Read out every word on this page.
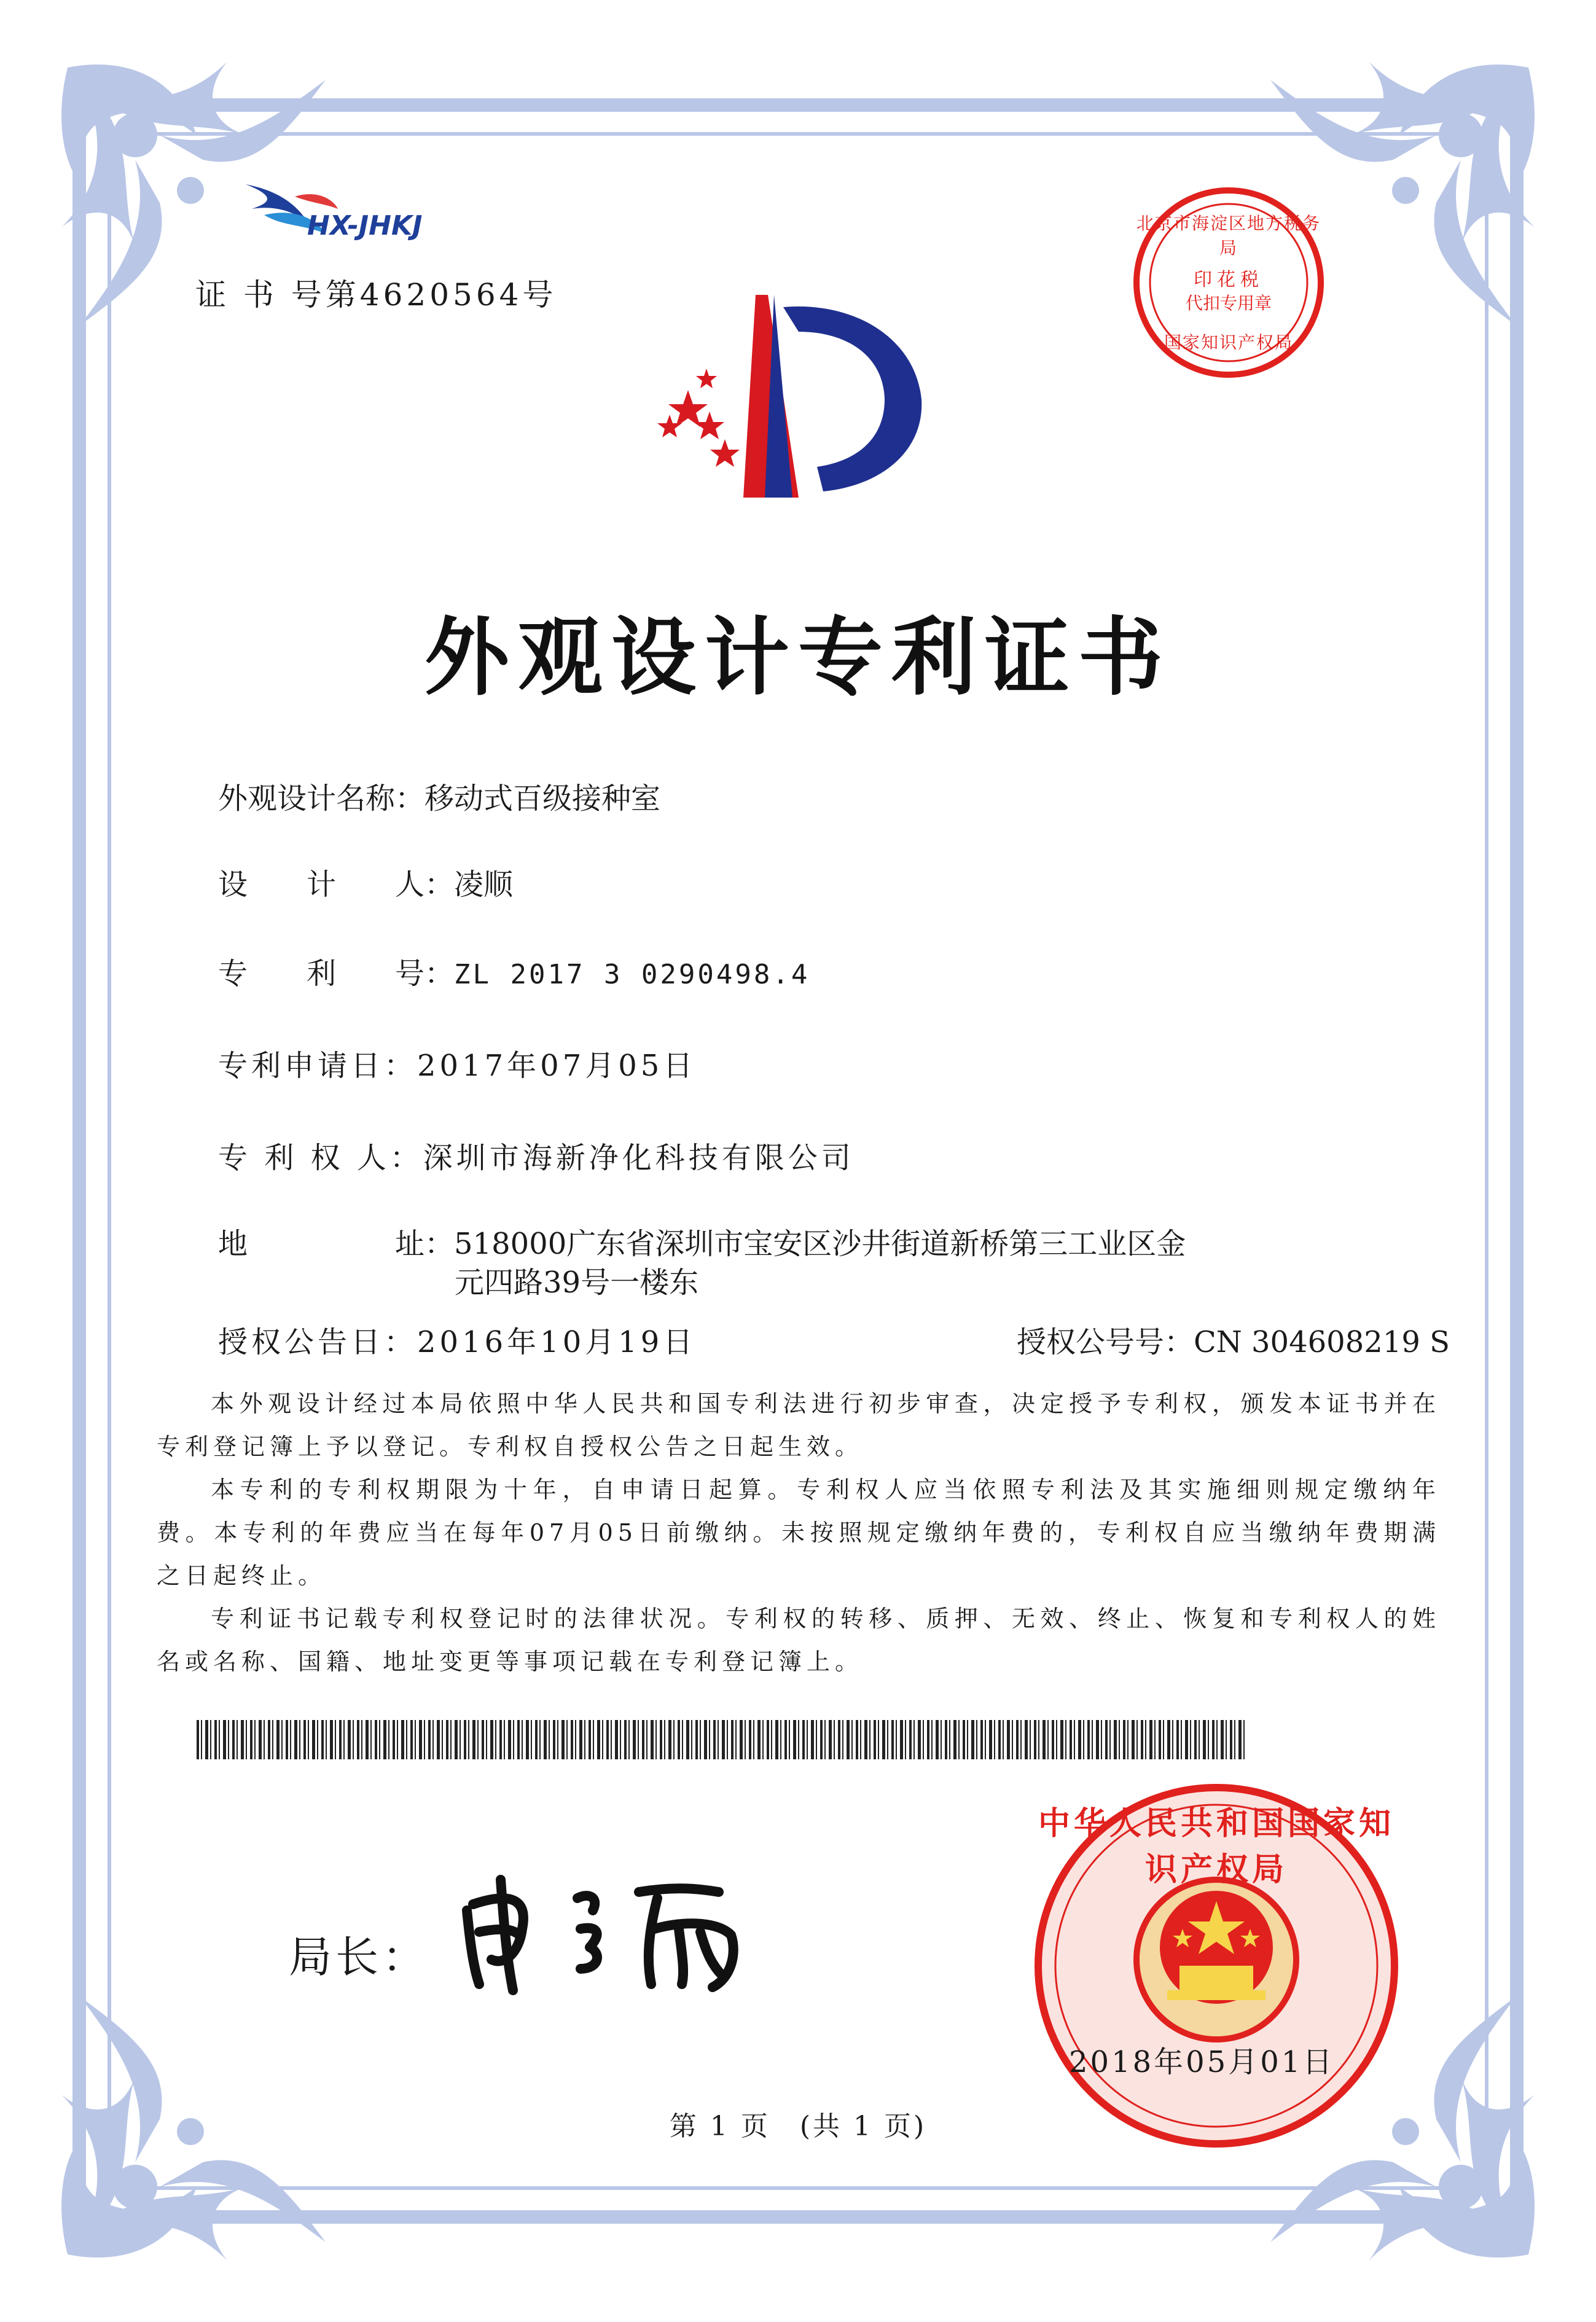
HX-JHKJ
证 书 号第4620564号
北京市海淀区地方税务局
印花税
代扣专用章
国家知识产权局
外观设计专利证书
外观设计名称：移动式百级接种室
设　　计　　人：凌顺
专　　利　　号：ZL 2017 3 0290498.4
专利申请日：2017年07月05日
专 利 权 人：深圳市海新净化科技有限公司
地　　　　　址：518000广东省深圳市宝安区沙井街道新桥第三工业区金
元四路39号一楼东
授权公告日：2016年10月19日	授权公号号：CN 304608219 S
本外观设计经过本局依照中华人民共和国专利法进行初步审查，决定授予专利权，颁发本证书并在专利登记簿上予以登记。专利权自授权公告之日起生效。
本专利的专利权期限为十年，自申请日起算。专利权人应当依照专利法及其实施细则规定缴纳年费。本专利的年费应当在每年07月05日前缴纳。未按照规定缴纳年费的，专利权自应当缴纳年费期满之日起终止。
专利证书记载专利权登记时的法律状况。专利权的转移、质押、无效、终止、恢复和专利权人的姓名或名称、国籍、地址变更等事项记载在专利登记簿上。
局长：
中华人民共和国国家知识产权局
2018年05月01日
第 1 页　(共 1 页)
